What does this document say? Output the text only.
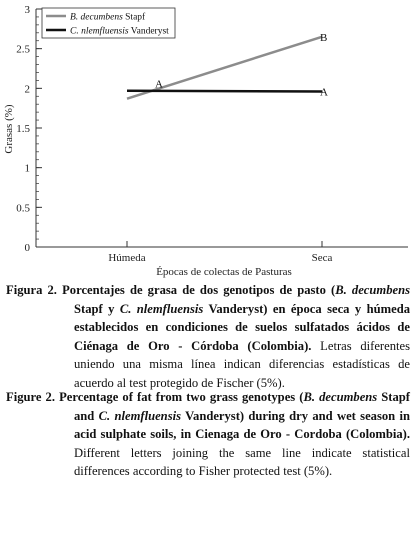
0
0.5
1
1.5
2
2.5
3
Húmeda	Seca
A
B
A
B. decumbens Stapf
C. nlemfluensis Vanderyst
Grasas (%)
Épocas de colectas de Pasturas

Figura 2. Porcentajes de grasa de dos genotipos de pasto (B. decumbens Stapf y C. nlemfluensis Vanderyst) en época seca y húmeda establecidos en condiciones de suelos sulfatados ácidos de Ciénaga de Oro - Córdoba (Colombia). Letras diferentes uniendo una misma línea indican diferencias estadísticas de acuerdo al test protegido de Fischer (5%).

Figure 2. Percentage of fat from two grass genotypes (B. decumbens Stapf and C. nlemfluensis Vanderyst) during dry and wet season in acid sulphate soils, in Cienaga de Oro - Cordoba (Colombia). Different letters joining the same line indicate statistical differences according to Fisher protected test (5%).
